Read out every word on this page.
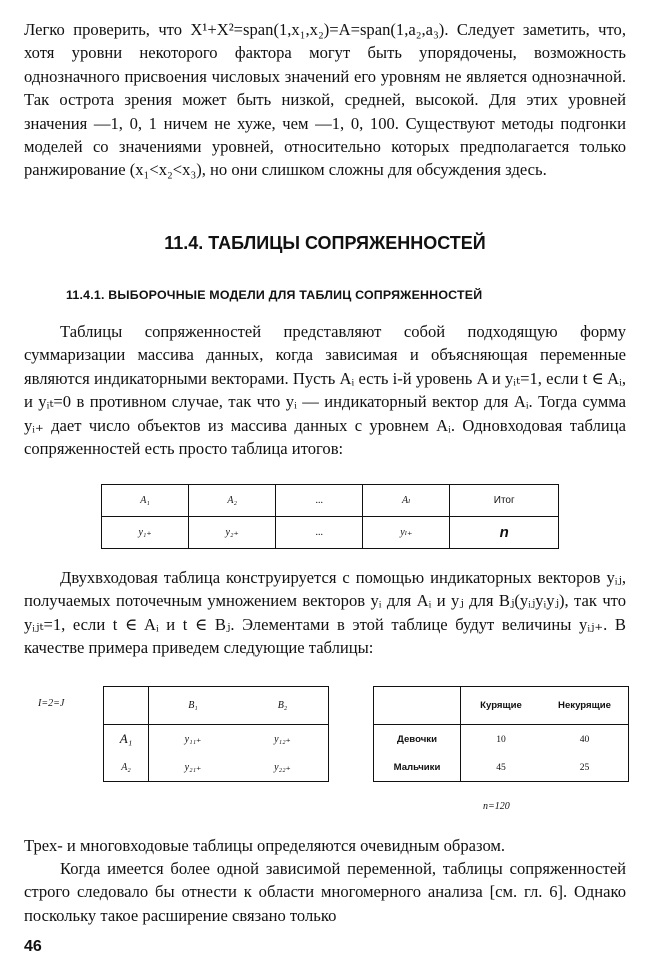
Легко проверить, что X¹+X²=span(1,x₁,x₂)=A=span(1,a₂,a₃). Следует заметить, что, хотя уровни некоторого фактора могут быть упорядочены, возможность однозначного присвоения числовых значений его уровням не является однозначной. Так острота зрения может быть низкой, средней, высокой. Для этих уровней значения —1, 0, 1 ничем не хуже, чем —1, 0, 100. Существуют методы подгонки моделей со значениями уровней, относительно которых предполагается только ранжирование (x₁<x₂<x₃), но они слишком сложны для обсуждения здесь.

11.4. ТАБЛИЦЫ СОПРЯЖЕННОСТЕЙ
11.4.1. ВЫБОРОЧНЫЕ МОДЕЛИ ДЛЯ ТАБЛИЦ СОПРЯЖЕННОСТЕЙ

Таблицы сопряженностей представляют собой подходящую форму суммаризации массива данных, когда зависимая и объясняющая переменные являются индикаторными векторами. Пусть Aᵢ есть i-й уровень A и yᵢₜ=1, если t ∈ Aᵢ, и yᵢₜ=0 в противном случае, так что yᵢ — индикаторный вектор для Aᵢ. Тогда сумма yᵢ₊ дает число объектов из массива данных с уровнем Aᵢ. Одновходовая таблица сопряженностей есть просто таблица итогов:

A₁	A₂	...	Aₗ	Итог
y₁₊	y₂₊	...	yₗ₊	n

Двухвходовая таблица конструируется с помощью индикаторных векторов yᵢⱼ, получаемых поточечным умножением векторов yᵢ для Aᵢ и yⱼ для Bⱼ(yᵢⱼyᵢyⱼ), так что yᵢⱼₜ=1, если t ∈ Aᵢ и t ∈ Bⱼ. Элементами в этой таблице будут величины yᵢⱼ₊. В качестве примера приведем следующие таблицы:

I=2=J
		B₁	B₂
A₁	y₁₁₊	y₁₂₊
A₂	y₂₁₊	y₂₂₊
	Курящие	Некурящие
Девочки	10	40
Мальчики	45	25
n=120

Трех- и многовходовые таблицы определяются очевидным образом.

Когда имеется более одной зависимой переменной, таблицы сопряженностей строго следовало бы отнести к области многомерного анализа [см. гл. 6]. Однако поскольку такое расширение связано только

46
